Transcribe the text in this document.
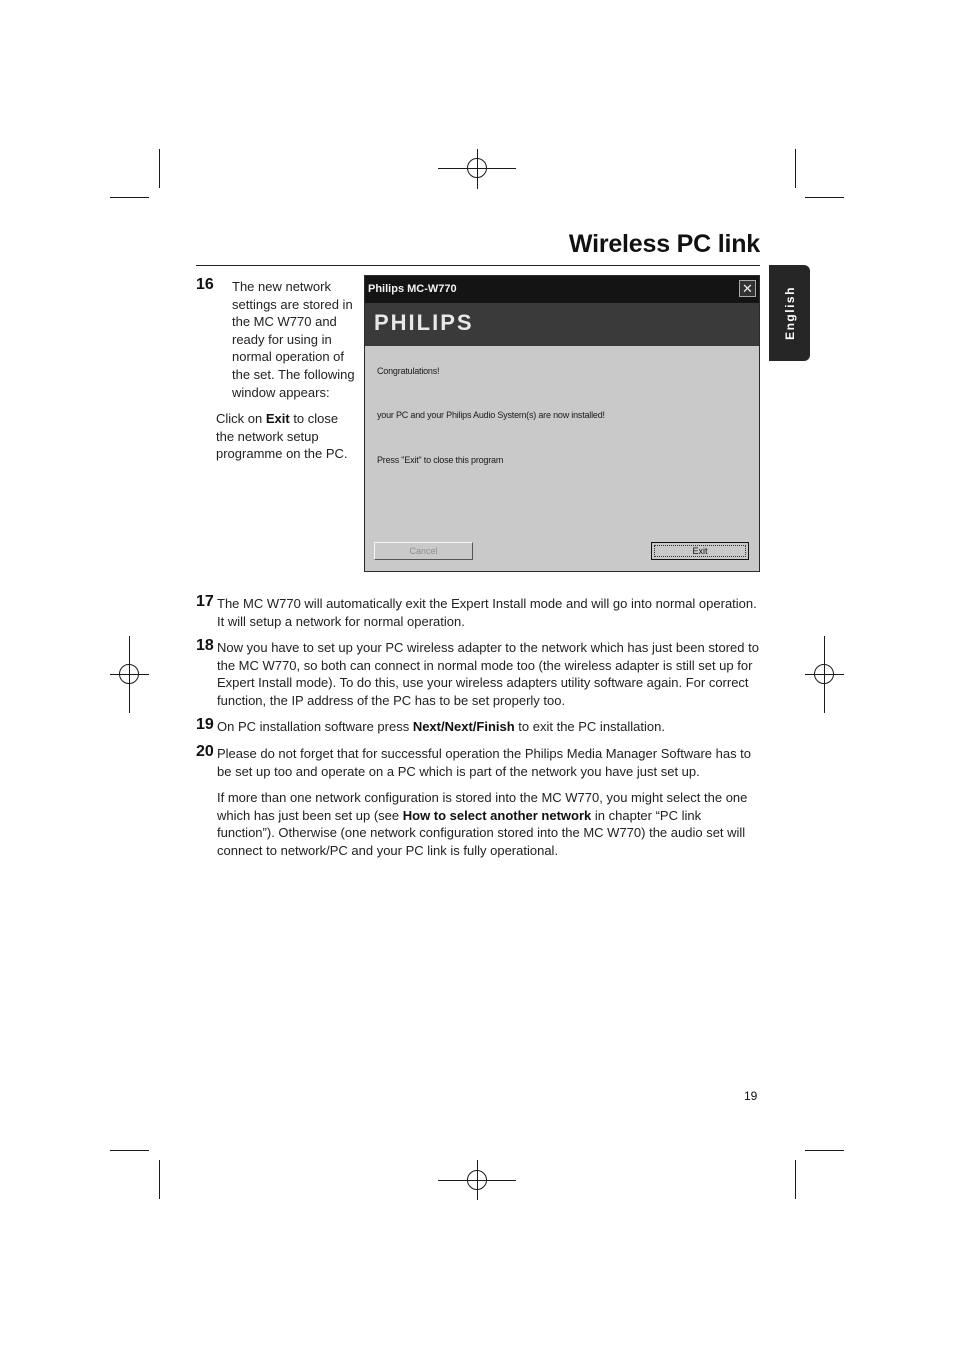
Wireless PC link
English
16 The new network settings are stored in the MC W770 and ready for using in normal operation of the set. The following window appears:
Click on Exit to close the network setup programme on the PC.
Philips MC-W770	✕
PHILIPS
Congratulations!
your PC and your Philips Audio System(s) are now installed!
Press "Exit" to close this program
Cancel	Exit
17 The MC W770 will automatically exit the Expert Install mode and will go into normal operation. It will setup a network for normal operation.
18 Now you have to set up your PC wireless adapter to the network which has just been stored to the MC W770, so both can connect in normal mode too (the wireless adapter is still set up for Expert Install mode). To do this, use your wireless adapters utility software again. For correct function, the IP address of the PC has to be set properly too.
19 On PC installation software press Next/Next/Finish to exit the PC installation.
20 Please do not forget that for successful operation the Philips Media Manager Software has to be set up too and operate on a PC which is part of the network you have just set up.
If more than one network configuration is stored into the MC W770, you might select the one which has just been set up (see How to select another network in chapter “PC link function”). Otherwise (one network configuration stored into the MC W770) the audio set will connect to network/PC and your PC link is fully operational.
19
